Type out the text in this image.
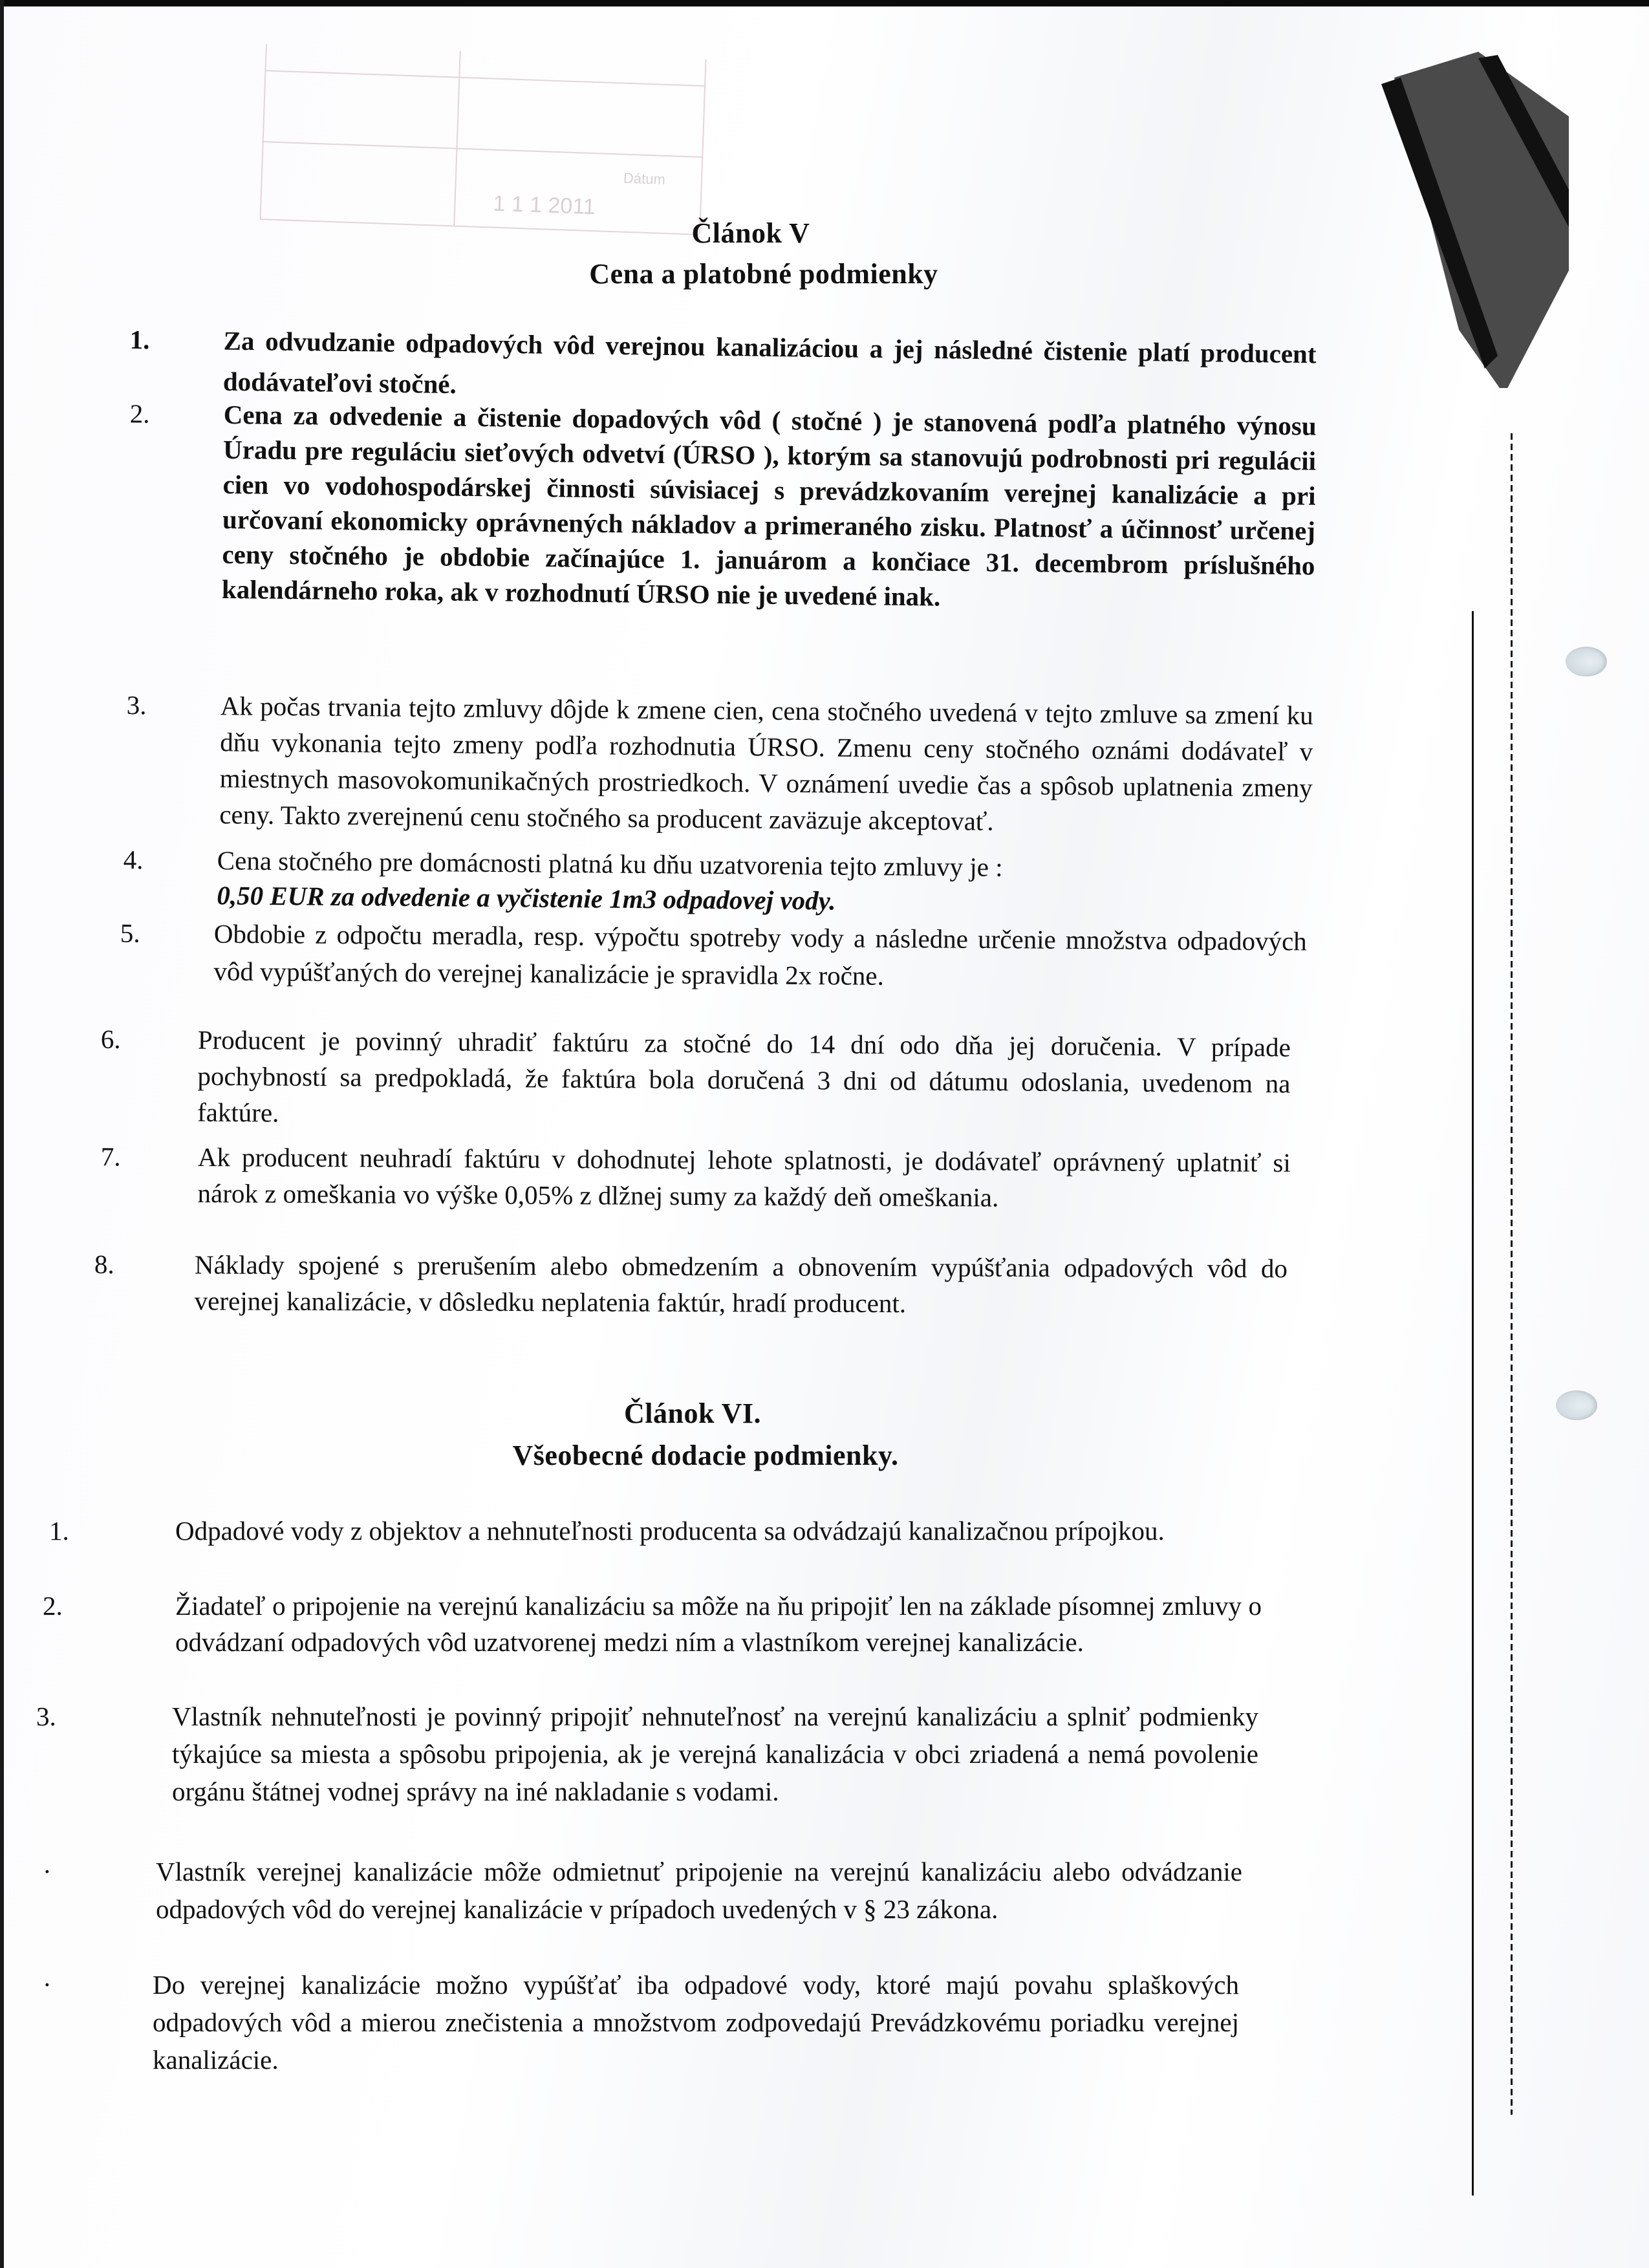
Dátum
1 1 1 2011
Článok V
Cena a platobné podmienky
1.	Za odvudzanie odpadových vôd verejnou kanalizáciou a jej následné čistenie platí producent dodávateľovi stočné.
2.	Cena za odvedenie a čistenie dopadových vôd ( stočné ) je stanovená podľa platného výnosu Úradu pre reguláciu sieťových odvetví (ÚRSO ), ktorým sa stanovujú podrobnosti pri regulácii cien vo vodohospodárskej činnosti súvisiacej s prevádzkovaním verejnej kanalizácie a pri určovaní ekonomicky oprávnených nákladov a primeraného zisku. Platnosť a účinnosť určenej ceny stočného je obdobie začínajúce 1. januárom a končiace 31. decembrom príslušného kalendárneho roka, ak v rozhodnutí ÚRSO nie je uvedené inak.
3.	Ak počas trvania tejto zmluvy dôjde k zmene cien, cena stočného uvedená v tejto zmluve sa zmení ku dňu vykonania tejto zmeny podľa rozhodnutia ÚRSO. Zmenu ceny stočného oznámi dodávateľ v miestnych masovokomunikačných prostriedkoch. V oznámení uvedie čas a spôsob uplatnenia zmeny ceny. Takto zverejnenú cenu stočného sa producent zaväzuje akceptovať.
4.	Cena stočného pre domácnosti platná ku dňu uzatvorenia tejto zmluvy je :
0,50 EUR za odvedenie a vyčistenie 1m3 odpadovej vody.
5.	Obdobie z odpočtu meradla, resp. výpočtu spotreby vody a následne určenie množstva odpadových vôd vypúšťaných do verejnej kanalizácie je spravidla 2x ročne.
6.	Producent je povinný uhradiť faktúru za stočné do 14 dní odo dňa jej doručenia. V prípade pochybností sa predpokladá, že faktúra bola doručená 3 dni od dátumu odoslania, uvedenom na faktúre.
7.	Ak producent neuhradí faktúru v dohodnutej lehote splatnosti, je dodávateľ oprávnený uplatniť si nárok z omeškania vo výške 0,05% z dlžnej sumy za každý deň omeškania.
8.	Náklady spojené s prerušením alebo obmedzením a obnovením vypúšťania odpadových vôd do verejnej kanalizácie, v dôsledku neplatenia faktúr, hradí producent.
Článok VI.
Všeobecné dodacie podmienky.
1.	Odpadové vody z objektov a nehnuteľnosti producenta sa odvádzajú kanalizačnou prípojkou.
2.	Žiadateľ o pripojenie na verejnú kanalizáciu sa môže na ňu pripojiť len na základe písomnej zmluvy o odvádzaní odpadových vôd uzatvorenej medzi ním a vlastníkom verejnej kanalizácie.
3.	Vlastník nehnuteľnosti je povinný pripojiť nehnuteľnosť na verejnú kanalizáciu a splniť podmienky týkajúce sa miesta a spôsobu pripojenia, ak je verejná kanalizácia v obci zriadená a nemá povolenie orgánu štátnej vodnej správy na iné nakladanie s vodami.
·	Vlastník verejnej kanalizácie môže odmietnuť pripojenie na verejnú kanalizáciu alebo odvádzanie odpadových vôd do verejnej kanalizácie v prípadoch uvedených v § 23 zákona.
·	Do verejnej kanalizácie možno vypúšťať iba odpadové vody, ktoré majú povahu splaškových odpadových vôd a mierou znečistenia a množstvom zodpovedajú Prevádzkovému poriadku verejnej kanalizácie.
